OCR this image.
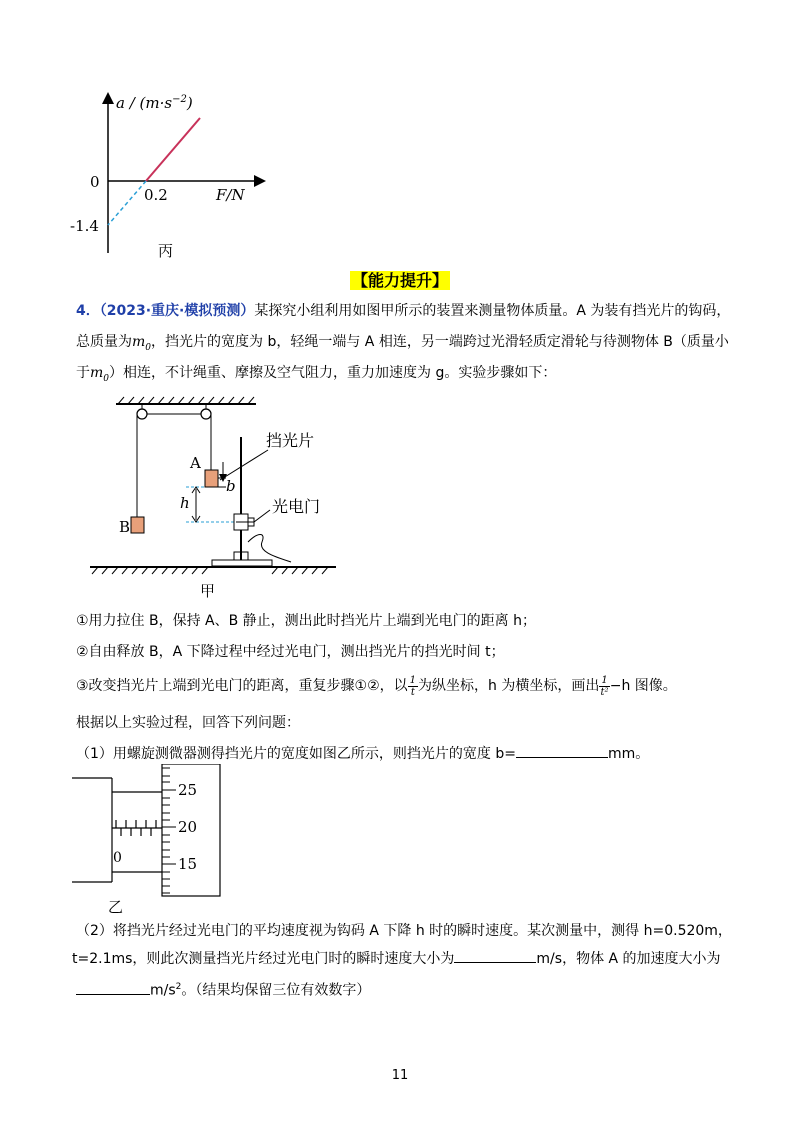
$a / (m\cdot s^{-2})$
0
0.2	F/N
-1.4
丙
【能力提升】
4．（2023·重庆·模拟预测）某探究小组利用如图甲所示的装置来测量物体质量。A 为装有挡光片的钩码，
总质量为$m_0$，挡光片的宽度为 b，轻绳一端与 A 相连，另一端跨过光滑轻质定滑轮与待测物体 B（质量小
于$m_0$）相连，不计绳重、摩擦及空气阻力，重力加速度为 g。实验步骤如下：
B
A
b
挡光片
h	光电门
甲
①用力拉住 B，保持 A、B 静止，测出此时挡光片上端到光电门的距离 h；
②自由释放 B，A 下降过程中经过光电门，测出挡光片的挡光时间 t；
③改变挡光片上端到光电门的距离，重复步骤①②，以 $\frac{1}{t}$ 为纵坐标，h 为横坐标，画出 $\frac{1}{\text{t²}} -h$ 图像。
根据以上实验过程，回答下列问题：
（1）用螺旋测微器测得挡光片的宽度如图乙所示，则挡光片的宽度 b=	mm。
25
20
15
0
乙
（2）将挡光片经过光电门的平均速度视为钩码 A 下降 h 时的瞬时速度。某次测量中，测得 h=0.520m，
t=2.1ms，则此次测量挡光片经过光电门时的瞬时速度大小为	m/s，物体 A 的加速度大小为
$m/s^2$。（结果均保留三位有效数字）
11
